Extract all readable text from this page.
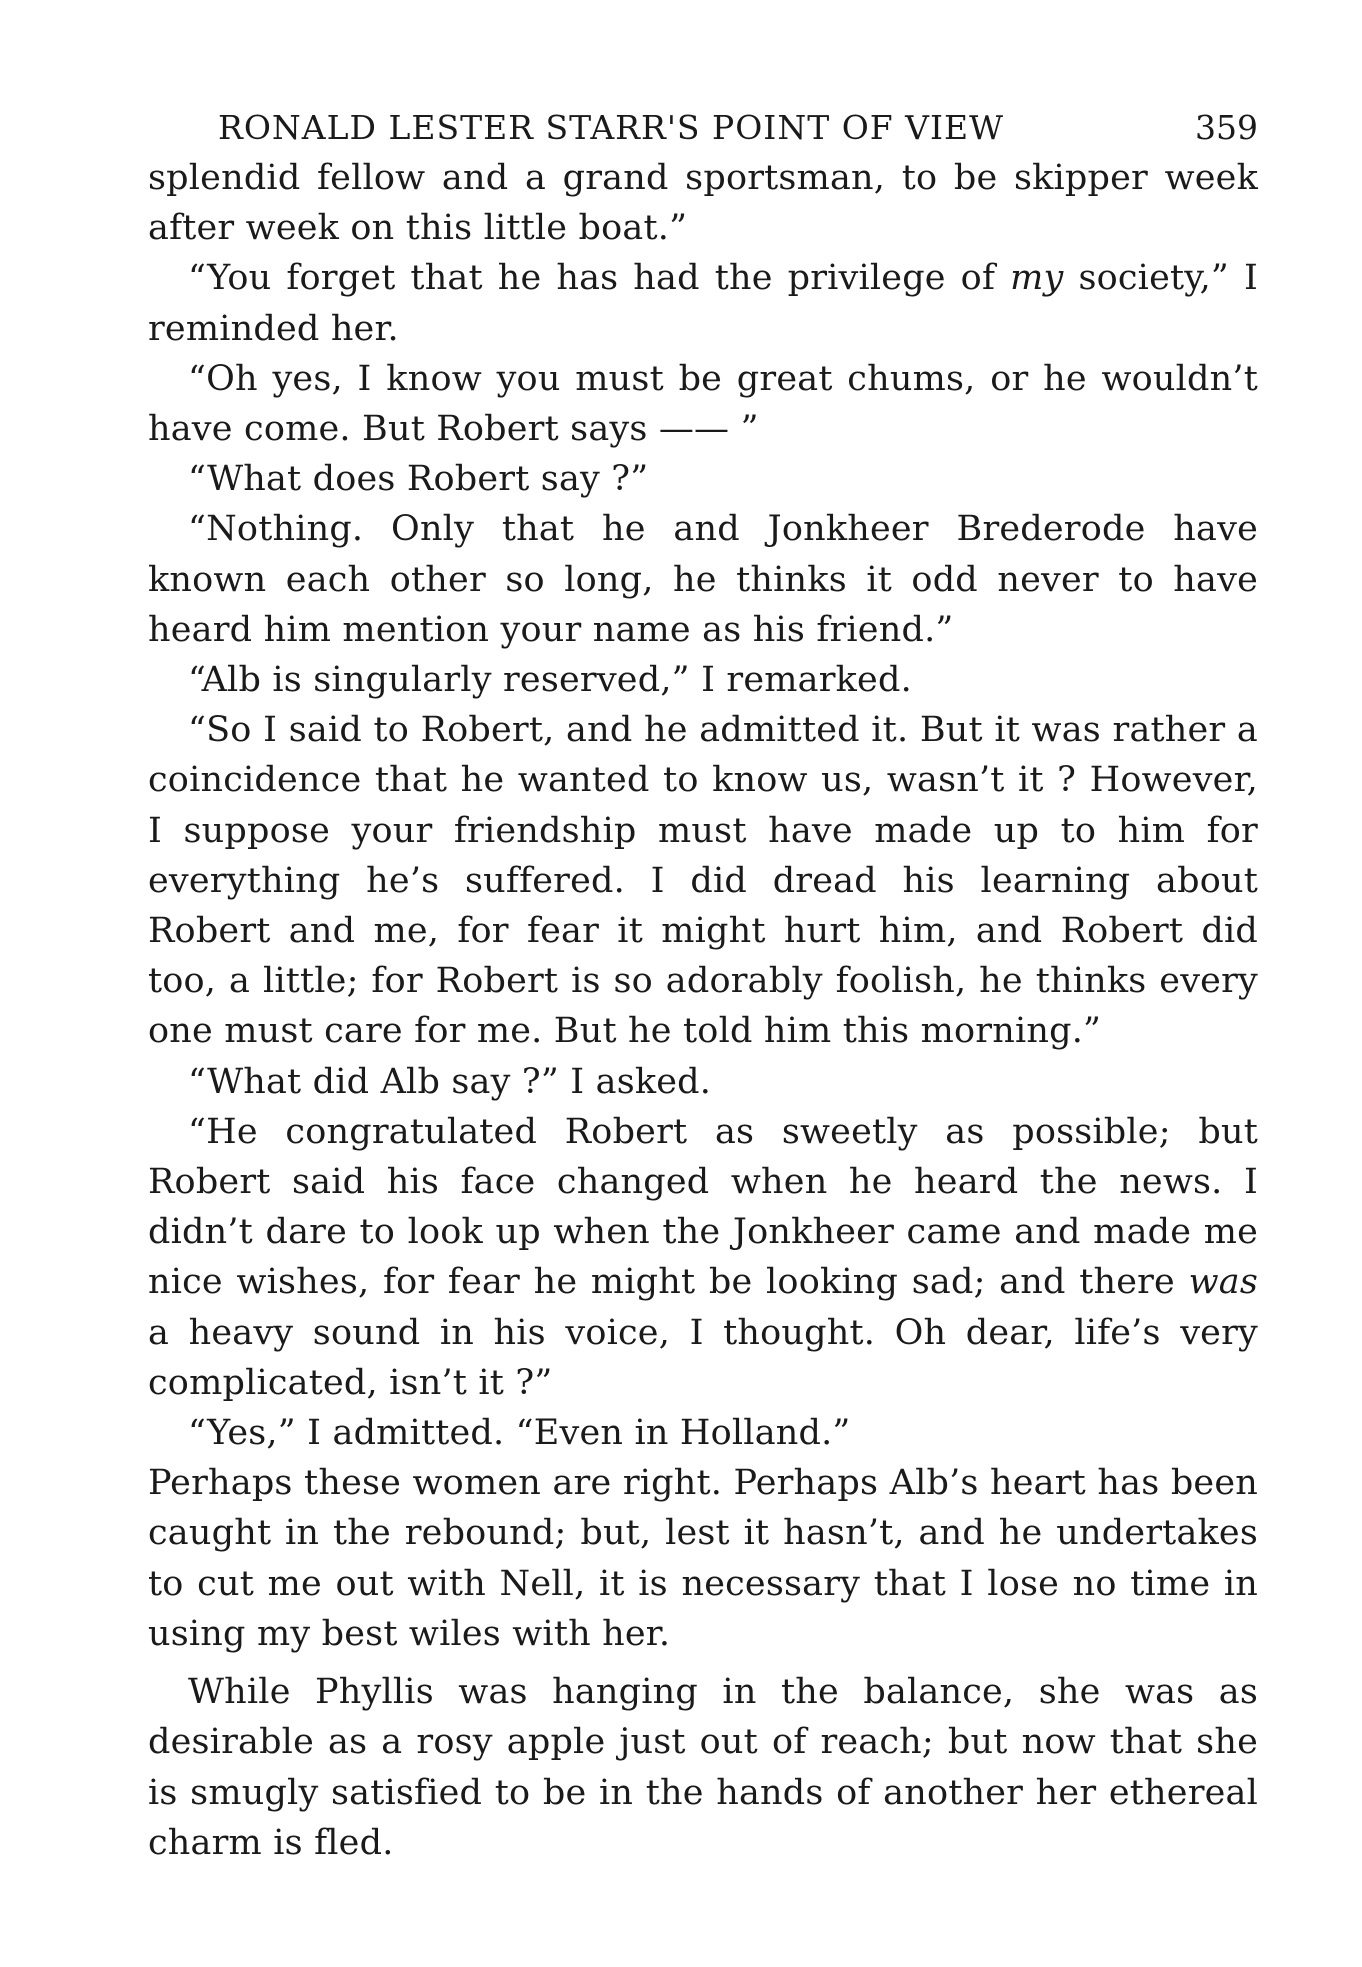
RONALD LESTER STARR'S POINT OF VIEW	359

splendid fellow and a grand sportsman, to be skipper week after week on this little boat.”

“You forget that he has had the privilege of my society,” I reminded her.

“Oh yes, I know you must be great chums, or he wouldn’t have come. But Robert says —— ”

“What does Robert say ?”

“Nothing. Only that he and Jonkheer Brederode have known each other so long, he thinks it odd never to have heard him mention your name as his friend.”

“Alb is singularly reserved,” I remarked.

“So I said to Robert, and he admitted it. But it was rather a coincidence that he wanted to know us, wasn’t it ? However, I suppose your friendship must have made up to him for everything he’s suffered. I did dread his learning about Robert and me, for fear it might hurt him, and Robert did too, a little; for Robert is so adorably foolish, he thinks every one must care for me. But he told him this morning.”

“What did Alb say ?” I asked.

“He congratulated Robert as sweetly as possible; but Robert said his face changed when he heard the news. I didn’t dare to look up when the Jonkheer came and made me nice wishes, for fear he might be looking sad; and there was a heavy sound in his voice, I thought. Oh dear, life’s very complicated, isn’t it ?”

“Yes,” I admitted. “Even in Holland.”

Perhaps these women are right. Perhaps Alb’s heart has been caught in the rebound; but, lest it hasn’t, and he undertakes to cut me out with Nell, it is necessary that I lose no time in using my best wiles with her.

While Phyllis was hanging in the balance, she was as desirable as a rosy apple just out of reach; but now that she is smugly satisfied to be in the hands of another her ethereal charm is fled.
